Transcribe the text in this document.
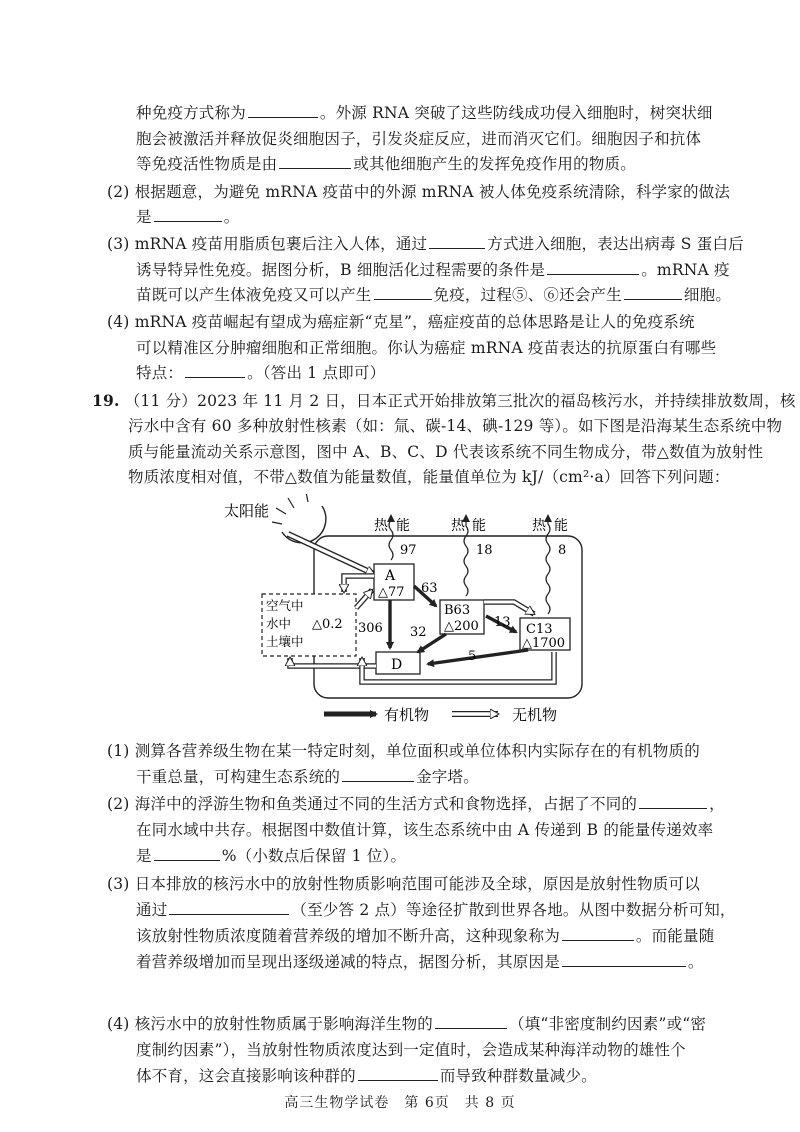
种免疫方式称为	。外源 RNA 突破了这些防线成功侵入细胞时，树突状细
胞会被激活并释放促炎细胞因子，引发炎症反应，进而消灭它们。细胞因子和抗体
等免疫活性物质是由	或其他细胞产生的发挥免疫作用的物质。
(2) 根据题意，为避免 mRNA 疫苗中的外源 mRNA 被人体免疫系统清除，科学家的做法
是	。
(3) mRNA 疫苗用脂质包裹后注入人体，通过	方式进入细胞，表达出病毒 S 蛋白后
诱导特异性免疫。据图分析，B 细胞活化过程需要的条件是	。mRNA 疫
苗既可以产生体液免疫又可以产生	免疫，过程⑤、⑥还会产生	细胞。
(4) mRNA 疫苗崛起有望成为癌症新“克星”，癌症疫苗的总体思路是让人的免疫系统
可以精准区分肿瘤细胞和正常细胞。你认为癌症 mRNA 疫苗表达的抗原蛋白有哪些
特点：	。（答出 1 点即可）
19. （11 分）2023 年 11 月 2 日，日本正式开始排放第三批次的福岛核污水，并持续排放数周，核
污水中含有 60 多种放射性核素（如：氚、碳-14、碘-129 等）。如下图是沿海某生态系统中物
质与能量流动关系示意图，图中 A、B、C、D 代表该系统不同生物成分，带△数值为放射性
物质浓度相对值，不带△数值为能量数值，能量值单位为 kJ/（cm²·a）回答下列问题：
太阳能
A
△77
B63
△200	C13
△1700
D
空气中
水中
土壤中
△0.2
热 能
97
热 能
18
热 能
8
63
306 32
13
5
有机物	无机物
(1) 测算各营养级生物在某一特定时刻，单位面积或单位体积内实际存在的有机物质的
干重总量，可构建生态系统的	金字塔。
(2) 海洋中的浮游生物和鱼类通过不同的生活方式和食物选择，占据了不同的	，
在同水域中共存。根据图中数值计算，该生态系统中由 A 传递到 B 的能量传递效率
是	%（小数点后保留 1 位）。
(3) 日本排放的核污水中的放射性物质影响范围可能涉及全球，原因是放射性物质可以
通过	（至少答 2 点）等途径扩散到世界各地。从图中数据分析可知，
该放射性物质浓度随着营养级的增加不断升高，这种现象称为	。而能量随
着营养级增加而呈现出逐级递减的特点，据图分析，其原因是	。
(4) 核污水中的放射性物质属于影响海洋生物的	（填“非密度制约因素”或“密
度制约因素”），当放射性物质浓度达到一定值时，会造成某种海洋动物的雄性个
体不育，这会直接影响该种群的	而导致种群数量减少。
高三生物学试卷　第 6页　共 8 页
